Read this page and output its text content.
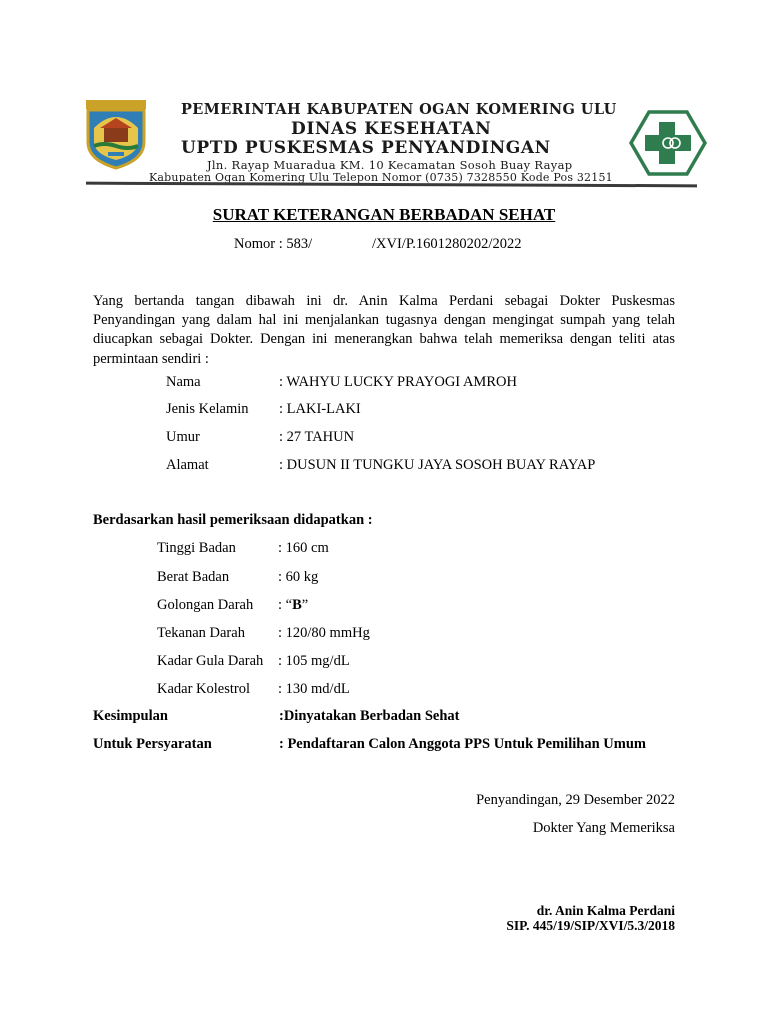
PEMERINTAH KABUPATEN OGAN KOMERING ULU
DINAS KESEHATAN
UPTD PUSKESMAS PENYANDINGAN
Jln. Rayap Muaradua KM. 10 Kecamatan Sosoh Buay Rayap
Kabupaten Ogan Komering Ulu Telepon Nomor (0735) 7328550 Kode Pos 32151
SURAT KETERANGAN BERBADAN SEHAT
Nomor : 583/	/XVI/P.1601280202/2022
Yang bertanda tangan dibawah ini dr. Anin Kalma Perdani sebagai Dokter Puskesmas Penyandingan yang dalam hal ini menjalankan tugasnya dengan mengingat sumpah yang telah diucapkan sebagai Dokter. Dengan ini menerangkan bahwa telah memeriksa dengan teliti atas permintaan sendiri :
Nama	: WAHYU LUCKY PRAYOGI AMROH
Jenis Kelamin : LAKI-LAKI
Umur	: 27 TAHUN
Alamat	: DUSUN II TUNGKU JAYA SOSOH BUAY RAYAP
Berdasarkan hasil pemeriksaan didapatkan :
Tinggi Badan	: 160 cm
Berat Badan	: 60 kg
Golongan Darah : “B”
Tekanan Darah : 120/80 mmHg
Kadar Gula Darah : 105 mg/dL
Kadar Kolestrol : 130 md/dL
Kesimpulan	:Dinyatakan Berbadan Sehat
Untuk Persyaratan	: Pendaftaran Calon Anggota PPS Untuk Pemilihan Umum
Penyandingan, 29 Desember 2022
Dokter Yang Memeriksa
dr. Anin Kalma Perdani
SIP. 445/19/SIP/XVI/5.3/2018
